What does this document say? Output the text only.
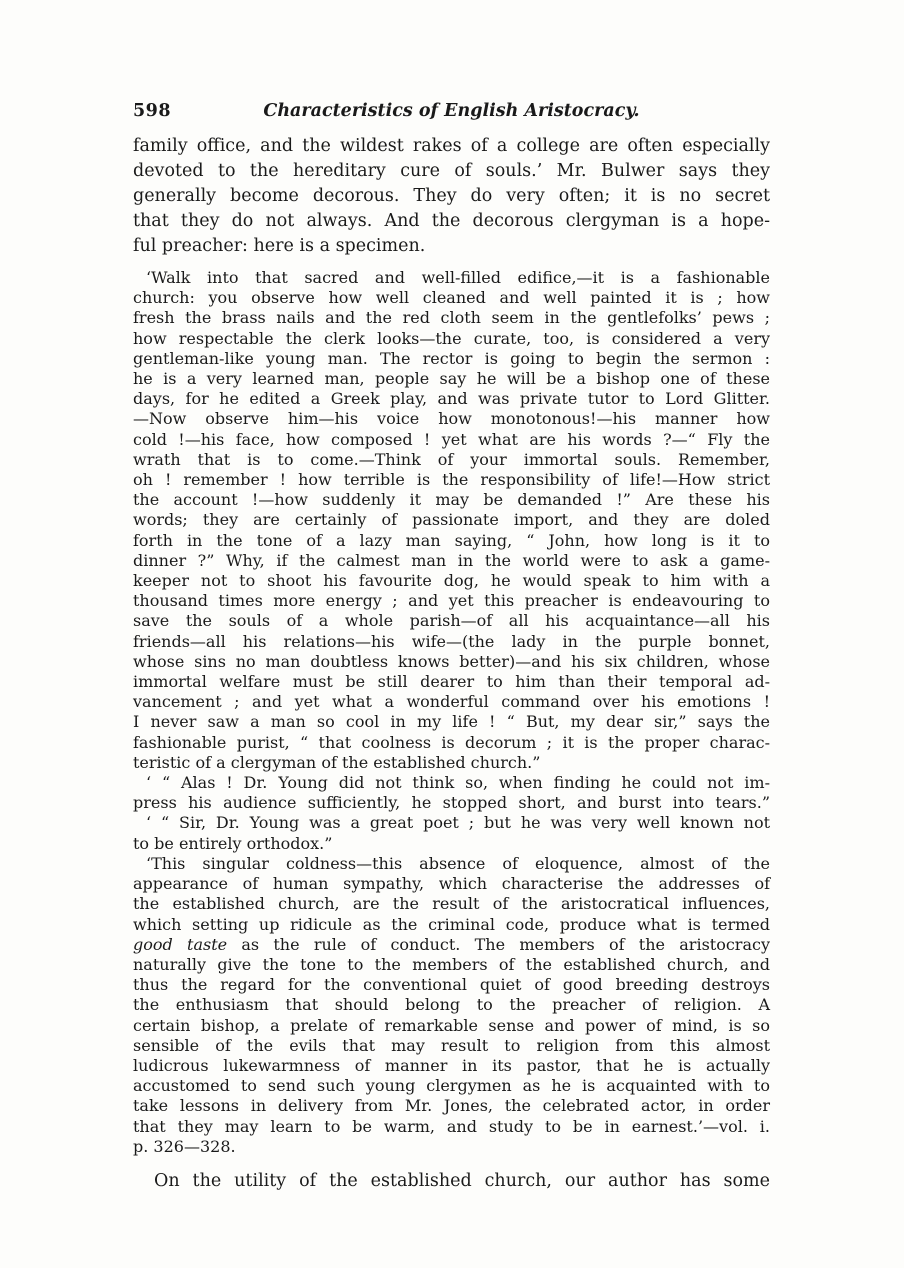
598	Characteristics of English Aristocracy.
family office, and the wildest rakes of a college are often especially
devoted to the hereditary cure of souls.’ Mr. Bulwer says they
generally become decorous. They do very often; it is no secret
that they do not always. And the decorous clergyman is a hope-
ful preacher: here is a specimen.
‘Walk into that sacred and well-filled edifice,—it is a fashionable
church: you observe how well cleaned and well painted it is ; how
fresh the brass nails and the red cloth seem in the gentlefolks’ pews ;
how respectable the clerk looks—the curate, too, is considered a very
gentleman-like young man. The rector is going to begin the sermon :
he is a very learned man, people say he will be a bishop one of these
days, for he edited a Greek play, and was private tutor to Lord Glitter.
—Now observe him—his voice how monotonous!—his manner how
cold !—his face, how composed ! yet what are his words ?—“ Fly the
wrath that is to come.—Think of your immortal souls. Remember,
oh ! remember ! how terrible is the responsibility of life!—How strict
the account !—how suddenly it may be demanded !” Are these his
words; they are certainly of passionate import, and they are doled
forth in the tone of a lazy man saying, “ John, how long is it to
dinner ?” Why, if the calmest man in the world were to ask a game-
keeper not to shoot his favourite dog, he would speak to him with a
thousand times more energy ; and yet this preacher is endeavouring to
save the souls of a whole parish—of all his acquaintance—all his
friends—all his relations—his wife—(the lady in the purple bonnet,
whose sins no man doubtless knows better)—and his six children, whose
immortal welfare must be still dearer to him than their temporal ad-
vancement ; and yet what a wonderful command over his emotions !
I never saw a man so cool in my life ! “ But, my dear sir,” says the
fashionable purist, “ that coolness is decorum ; it is the proper charac-
teristic of a clergyman of the established church.”
‘ “ Alas ! Dr. Young did not think so, when finding he could not im-
press his audience sufficiently, he stopped short, and burst into tears.”
‘ “ Sir, Dr. Young was a great poet ; but he was very well known not
to be entirely orthodox.”
‘This singular coldness—this absence of eloquence, almost of the
appearance of human sympathy, which characterise the addresses of
the established church, are the result of the aristocratical influences,
which setting up ridicule as the criminal code, produce what is termed
good taste as the rule of conduct. The members of the aristocracy
naturally give the tone to the members of the established church, and
thus the regard for the conventional quiet of good breeding destroys
the enthusiasm that should belong to the preacher of religion. A
certain bishop, a prelate of remarkable sense and power of mind, is so
sensible of the evils that may result to religion from this almost
ludicrous lukewarmness of manner in its pastor, that he is actually
accustomed to send such young clergymen as he is acquainted with to
take lessons in delivery from Mr. Jones, the celebrated actor, in order
that they may learn to be warm, and study to be in earnest.’—vol. i.
p. 326—328.
On the utility of the established church, our author has some
